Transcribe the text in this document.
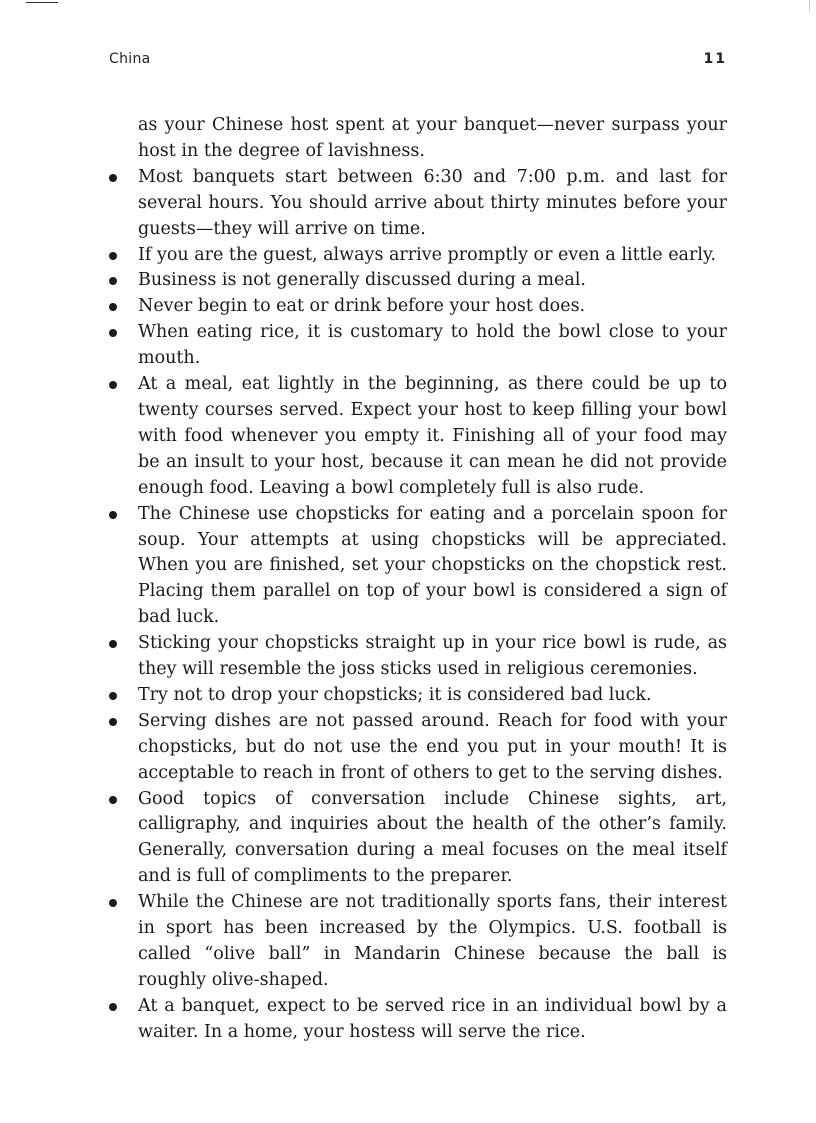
China	11

as your Chinese host spent at your banquet—never surpass your host in the degree of lavishness.

Most banquets start between 6:30 and 7:00 p.m. and last for several hours. You should arrive about thirty minutes before your guests—they will arrive on time.
If you are the guest, always arrive promptly or even a little early.
Business is not generally discussed during a meal.
Never begin to eat or drink before your host does.
When eating rice, it is customary to hold the bowl close to your mouth.
At a meal, eat lightly in the beginning, as there could be up to twenty courses served. Expect your host to keep filling your bowl with food whenever you empty it. Finishing all of your food may be an insult to your host, because it can mean he did not provide enough food. Leaving a bowl completely full is also rude.
The Chinese use chopsticks for eating and a porcelain spoon for soup. Your attempts at using chopsticks will be appreciated. When you are finished, set your chopsticks on the chopstick rest. Placing them parallel on top of your bowl is considered a sign of bad luck.
Sticking your chopsticks straight up in your rice bowl is rude, as they will resemble the joss sticks used in religious ceremonies.
Try not to drop your chopsticks; it is considered bad luck.
Serving dishes are not passed around. Reach for food with your chopsticks, but do not use the end you put in your mouth! It is acceptable to reach in front of others to get to the serving dishes.
Good topics of conversation include Chinese sights, art, calligraphy, and inquiries about the health of the other’s family. Generally, conversation during a meal focuses on the meal itself and is full of compliments to the preparer.
While the Chinese are not traditionally sports fans, their interest in sport has been increased by the Olympics. U.S. football is called “olive ball” in Mandarin Chinese because the ball is roughly olive-shaped.
At a banquet, expect to be served rice in an individual bowl by a waiter. In a home, your hostess will serve the rice.
